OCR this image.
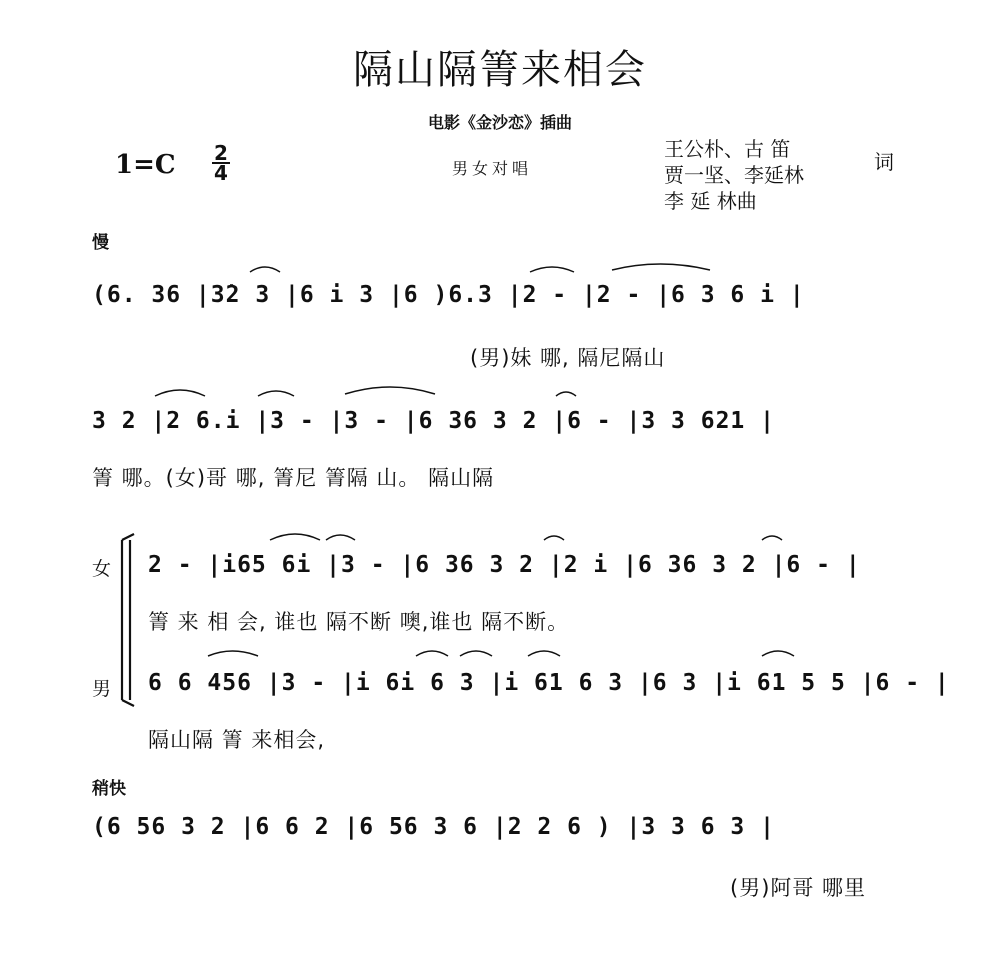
隔山隔箐来相会
电影《金沙恋》插曲
$1=C \frac{2}{4}$	男女对唱
王公朴、古 笛
贾一坚、李延林
李 延 林曲
词
慢
(6. 36 |3̇2 3 |6 i 3 |6 )6.3 |2 - |2 - |6 3 6 i |
(男)妹 哪, 隔尼隔山
3 2 |2 6.i |3 - |3 - |6 36 3 2 |6 - |3 3 621 |
箐 哪。(女)哥 哪, 箐尼 箐隔 山。 隔山隔
女 2 - |i65 6i |3 - |6 36 3 2 |2 i |6 36 3 2 |6 - |
箐 来 相 会, 谁也 隔不断 噢,谁也 隔不断。
男 6 6 456 |3 - |i 6i 6 3 |i 61 6 3 |6 3 |i 61 5 5 |6 - |
隔山隔 箐 来相会,
稍快
(6 56 3 2 |6 6 2 |6 56 3 6 |2 2 6 ) |3 3 6 3 |
(男)阿哥 哪里
